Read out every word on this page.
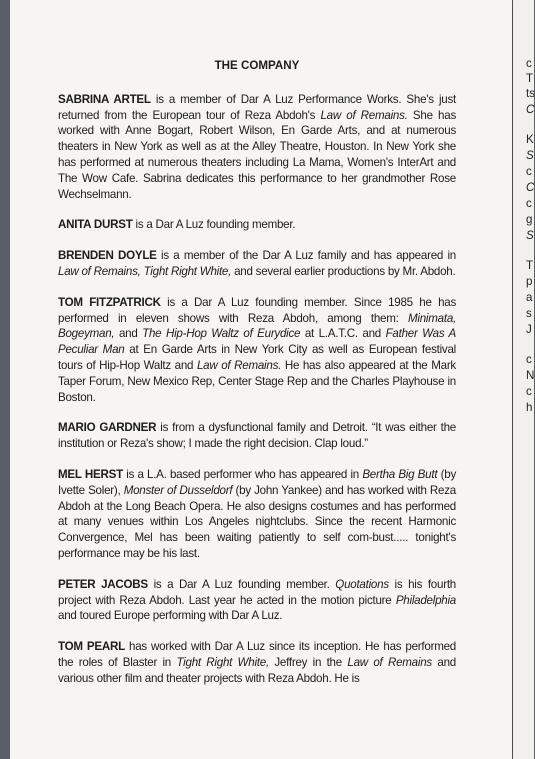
THE COMPANY

SABRINA ARTEL is a member of Dar A Luz Performance Works. She's just returned from the European tour of Reza Abdoh's Law of Remains. She has worked with Anne Bogart, Robert Wilson, En Garde Arts, and at numerous theaters in New York as well as at the Alley Theatre, Houston. In New York she has performed at numerous theaters including La Mama, Women's InterArt and The Wow Cafe. Sabrina dedicates this performance to her grandmother Rose Wechselmann.

ANITA DURST is a Dar A Luz founding member.

BRENDEN DOYLE is a member of the Dar A Luz family and has appeared in Law of Remains, Tight Right White, and several earlier productions by Mr. Abdoh.

TOM FITZPATRICK is a Dar A Luz founding member. Since 1985 he has performed in eleven shows with Reza Abdoh, among them: Minimata, Bogeyman, and The Hip-Hop Waltz of Eurydice at L.A.T.C. and Father Was A Peculiar Man at En Garde Arts in New York City as well as European festival tours of Hip-Hop Waltz and Law of Remains. He has also appeared at the Mark Taper Forum, New Mexico Rep, Center Stage Rep and the Charles Playhouse in Boston.

MARIO GARDNER is from a dysfunctional family and Detroit. “It was either the institution or Reza's show; I made the right decision. Clap loud.”

MEL HERST is a L.A. based performer who has appeared in Bertha Big Butt (by Ivette Soler), Monster of Dusseldorf (by John Yankee) and has worked with Reza Abdoh at the Long Beach Opera. He also designs costumes and has performed at many venues within Los Angeles nightclubs. Since the recent Harmonic Convergence, Mel has been waiting patiently to self com-bust..... tonight's performance may be his last.

PETER JACOBS is a Dar A Luz founding member. Quotations is his fourth project with Reza Abdoh. Last year he acted in the motion picture Philadelphia and toured Europe performing with Dar A Luz.

TOM PEARL has worked with Dar A Luz since its inception. He has performed the roles of Blaster in Tight Right White, Jeffrey in the Law of Remains and various other film and theater projects with Reza Abdoh. He is

c
T
ts
C
K
S
c
C
c
g
S
T
p
a
s
J
c
N
c
h
